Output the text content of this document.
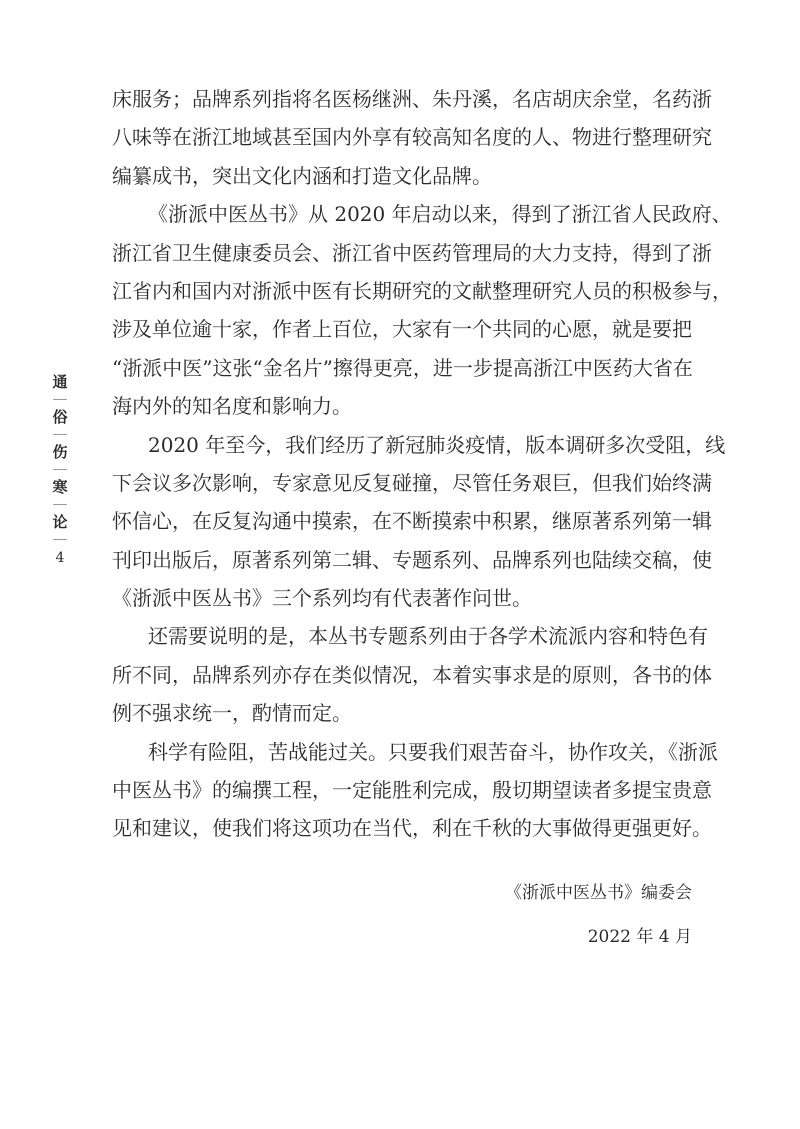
通
俗
伤
寒
论
4
床服务；品牌系列指将名医杨继洲、朱丹溪，名店胡庆余堂，名药浙
八味等在浙江地域甚至国内外享有较高知名度的人、物进行整理研究
编纂成书，突出文化内涵和打造文化品牌。
《浙派中医丛书》从 2020 年启动以来，得到了浙江省人民政府、
浙江省卫生健康委员会、浙江省中医药管理局的大力支持，得到了浙
江省内和国内对浙派中医有长期研究的文献整理研究人员的积极参与，
涉及单位逾十家，作者上百位，大家有一个共同的心愿，就是要把
“浙派中医”这张“金名片”擦得更亮，进一步提高浙江中医药大省在
海内外的知名度和影响力。
2020 年至今，我们经历了新冠肺炎疫情，版本调研多次受阻，线
下会议多次影响，专家意见反复碰撞，尽管任务艰巨，但我们始终满
怀信心，在反复沟通中摸索，在不断摸索中积累，继原著系列第一辑
刊印出版后，原著系列第二辑、专题系列、品牌系列也陆续交稿，使
《浙派中医丛书》三个系列均有代表著作问世。
还需要说明的是，本丛书专题系列由于各学术流派内容和特色有
所不同，品牌系列亦存在类似情况，本着实事求是的原则，各书的体
例不强求统一，酌情而定。
科学有险阻，苦战能过关。只要我们艰苦奋斗，协作攻关，《浙派
中医丛书》的编撰工程，一定能胜利完成，殷切期望读者多提宝贵意
见和建议，使我们将这项功在当代，利在千秋的大事做得更强更好。
《浙派中医丛书》编委会
2022 年 4 月
